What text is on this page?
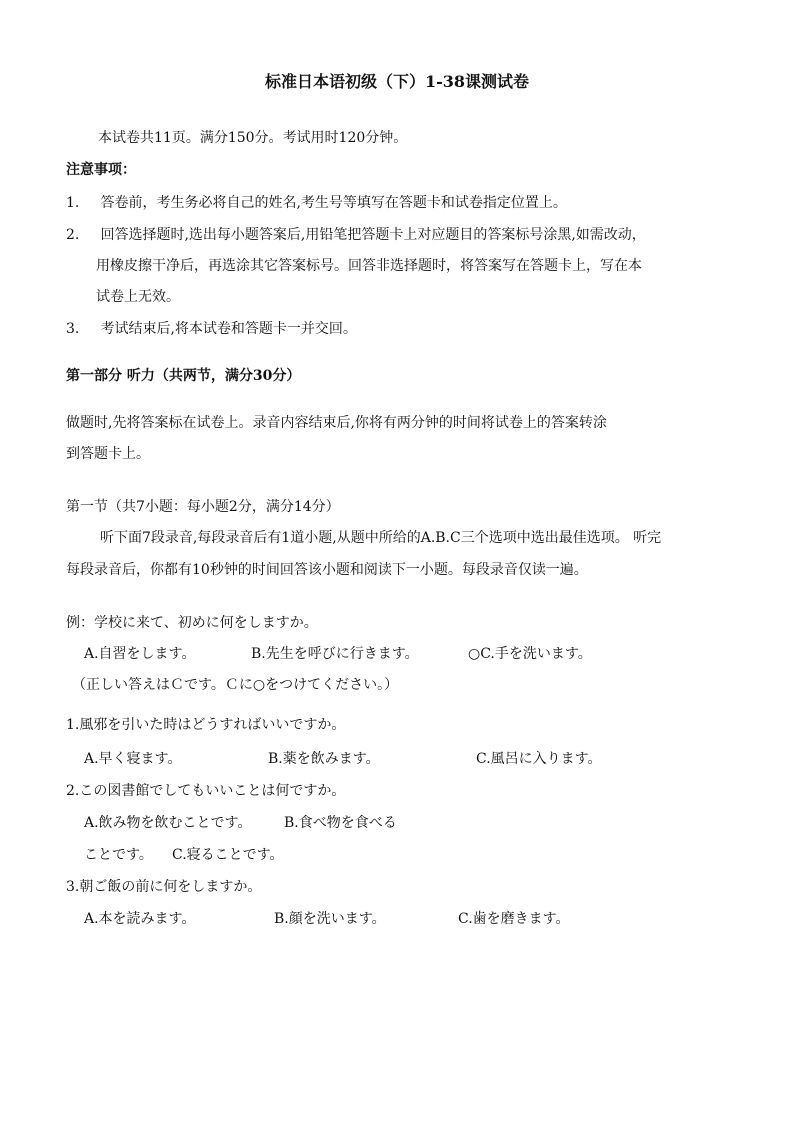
标准日本语初级（下）1-38课测试卷
本试卷共11页。满分150分。考试用时120分钟。
注意事项：
1. 答卷前，考生务必将自己的姓名,考生号等填写在答题卡和试卷指定位置上。
2. 回答选择题时,选出每小题答案后,用铅笔把答题卡上对应题目的答案标号涂黑,如需改动，
用橡皮擦干净后，再选涂其它答案标号。回答非选择题时，将答案写在答题卡上，写在本
试卷上无效。
3. 考试结束后,将本试卷和答题卡一并交回。
第一部分 听力（共两节，满分30分）
做题时,先将答案标在试卷上。录音内容结束后,你将有两分钟的时间将试卷上的答案转涂
到答题卡上。
第一节（共7小题：每小题2分，满分14分）
听下面7段录音,每段录音后有1道小题,从题中所给的A.B.C三个选项中选出最佳选项。 听完
每段录音后，你都有10秒钟的时间回答该小题和阅读下一小题。每段录音仅读一遍。
例：学校に来て、初めに何をしますか。
A.自習をします。	B.先生を呼びに行きます。	○C.手を洗います。
（正しい答えはＣです。Ｃに○をつけてください。）
1.風邪を引いた時はどうすればいいですか。
A.早く寝ます。	B.薬を飲みます。	C.風呂に入ります。
2.この図書館でしてもいいことは何ですか。
A.飲み物を飲むことです。 B.食べ物を食べる
ことです。 C.寝ることです。
3.朝ご飯の前に何をしますか。
A.本を読みます。	B.顔を洗います。	C.歯を磨きます。
